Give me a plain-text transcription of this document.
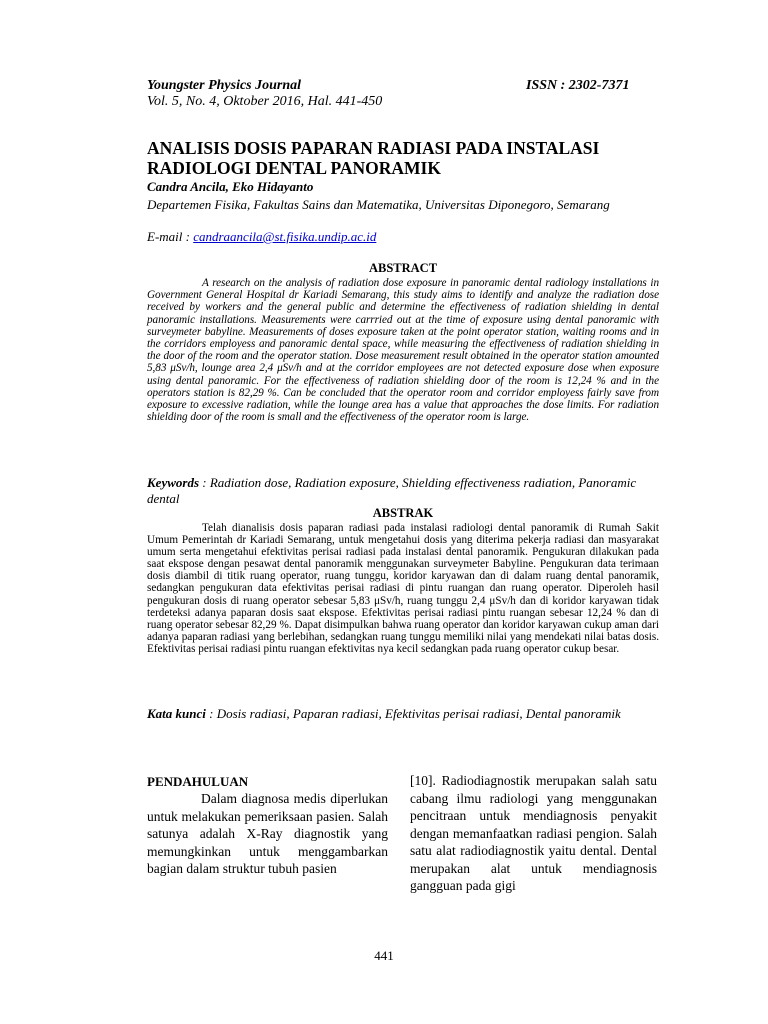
Youngster Physics Journal	ISSN : 2302-7371
Vol. 5, No. 4, Oktober 2016, Hal. 441-450
ANALISIS DOSIS PAPARAN RADIASI PADA INSTALASI RADIOLOGI DENTAL PANORAMIK
Candra Ancila, Eko Hidayanto
Departemen Fisika, Fakultas Sains dan Matematika, Universitas Diponegoro, Semarang
E-mail : candraancila@st.fisika.undip.ac.id
ABSTRACT
A research on the analysis of radiation dose exposure in panoramic dental radiology installations in Government General Hospital dr Kariadi Semarang, this study aims to identify and analyze the radiation dose received by workers and the general public and determine the effectiveness of radiation shielding in dental panoramic installations. Measurements were carrried out at the time of exposure using dental panoramic with surveymeter babyline. Measurements of doses exposure taken at the point operator station, waiting rooms and in the corridors employess and panoramic dental space, while measuring the effectiveness of radiation shielding in the door of the room and the operator station. Dose measurement result obtained in the operator station amounted 5,83 μSv/h, lounge area 2,4 μSv/h and at the corridor employees are not detected exposure dose when exposure using dental panoramic. For the effectiveness of radiation shielding door of the room is 12,24 % and in the operators station is 82,29 %. Can be concluded that the operator room and corridor employess fairly save from exposure to excessive radiation, while the lounge area has a value that approaches the dose limits. For radiation shielding door of the room is small and the effectiveness of the operator room is large.
Keywords : Radiation dose, Radiation exposure, Shielding effectiveness radiation, Panoramic dental
ABSTRAK
Telah dianalisis dosis paparan radiasi pada instalasi radiologi dental panoramik di Rumah Sakit Umum Pemerintah dr Kariadi Semarang, untuk mengetahui dosis yang diterima pekerja radiasi dan masyarakat umum serta mengetahui efektivitas perisai radiasi pada instalasi dental panoramik. Pengukuran dilakukan pada saat ekspose dengan pesawat dental panoramik menggunakan surveymeter Babyline. Pengukuran data terimaan dosis diambil di titik ruang operator, ruang tunggu, koridor karyawan dan di dalam ruang dental panoramik, sedangkan pengukuran data efektivitas perisai radiasi di pintu ruangan dan ruang operator. Diperoleh hasil pengukuran dosis di ruang operator sebesar 5,83 μSv/h, ruang tunggu 2,4 μSv/h dan di koridor karyawan tidak terdeteksi adanya paparan dosis saat ekspose. Efektivitas perisai radiasi pintu ruangan sebesar 12,24 % dan di ruang operator sebesar 82,29 %. Dapat disimpulkan bahwa ruang operator dan koridor karyawan cukup aman dari adanya paparan radiasi yang berlebihan, sedangkan ruang tunggu memiliki nilai yang mendekati nilai batas dosis. Efektivitas perisai radiasi pintu ruangan efektivitas nya kecil sedangkan pada ruang operator cukup besar.
Kata kunci : Dosis radiasi, Paparan radiasi, Efektivitas perisai radiasi, Dental panoramik
PENDAHULUAN
Dalam diagnosa medis diperlukan untuk melakukan pemeriksaan pasien. Salah satunya adalah X-Ray diagnostik yang memungkinkan untuk menggambarkan bagian dalam struktur tubuh pasien
[10]. Radiodiagnostik merupakan salah satu cabang ilmu radiologi yang menggunakan pencitraan untuk mendiagnosis penyakit dengan memanfaatkan radiasi pengion. Salah satu alat radiodiagnostik yaitu dental. Dental merupakan alat untuk mendiagnosis gangguan pada gigi
441
